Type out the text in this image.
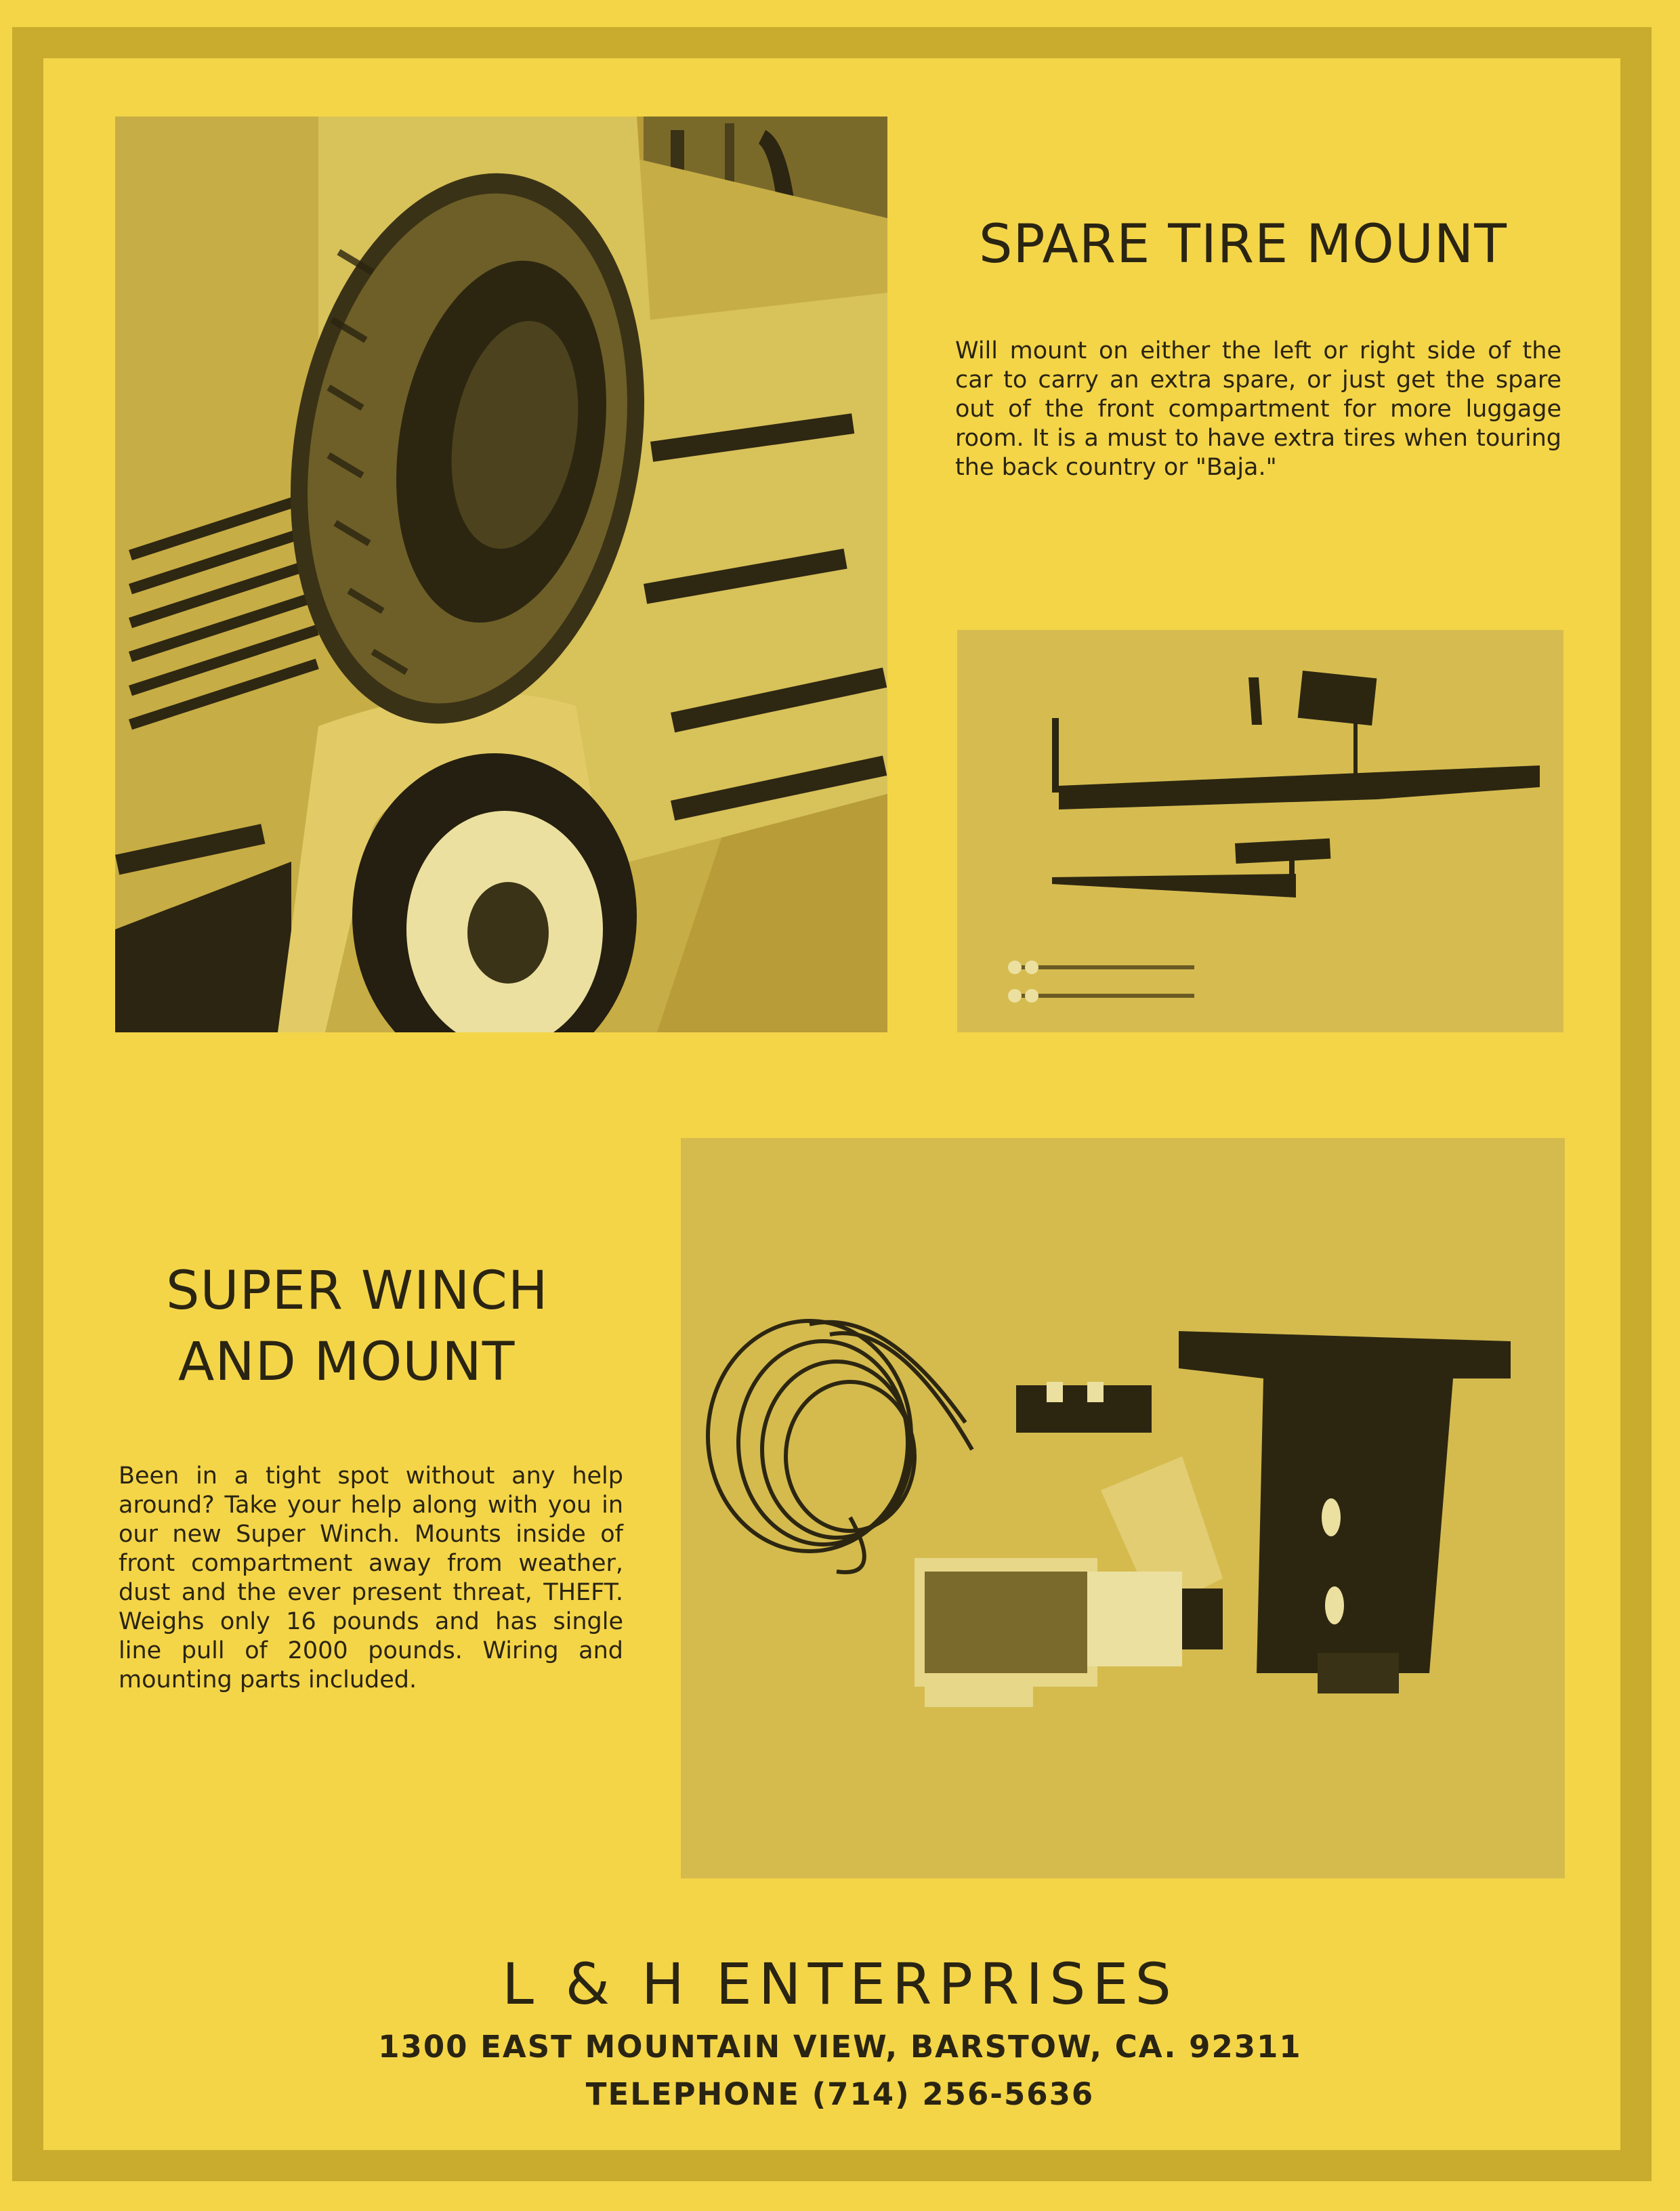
SPARE TIRE MOUNT

Will mount on either the left or right side of the car to carry an extra spare, or just get the spare out of the front compartment for more luggage room. It is a must to have extra tires when touring the back country or "Baja."

SUPER WINCH
AND MOUNT

Been in a tight spot without any help around? Take your help along with you in our new Super Winch. Mounts inside of front compartment away from weather, dust and the ever present threat, THEFT. Weighs only 16 pounds and has single line pull of 2000 pounds. Wiring and mounting parts included.

L & H ENTERPRISES
1300 EAST MOUNTAIN VIEW, BARSTOW, CA. 92311
TELEPHONE (714) 256-5636
